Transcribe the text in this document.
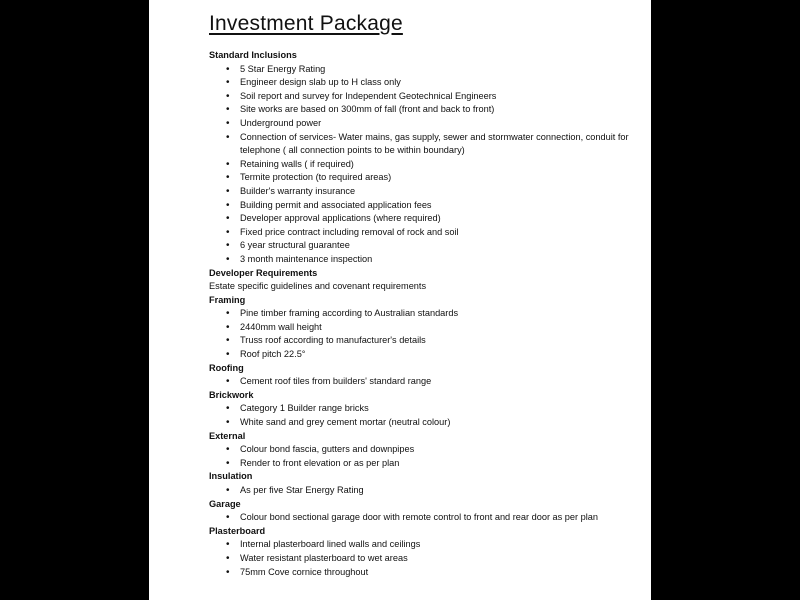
Investment Package
Standard Inclusions
• 5 Star Energy Rating
• Engineer design slab up to H class only
• Soil report and survey for Independent Geotechnical Engineers
• Site works are based on 300mm of fall (front and back to front)
• Underground power
• Connection of services- Water mains, gas supply, sewer and stormwater connection, conduit for telephone ( all connection points to be within boundary)
• Retaining walls ( if required)
• Termite protection (to required areas)
• Builder's warranty insurance
• Building permit and associated application fees
• Developer approval applications (where required)
• Fixed price contract including removal of rock and soil
• 6 year structural guarantee
• 3 month maintenance inspection
Developer Requirements
Estate specific guidelines and covenant requirements
Framing
• Pine timber framing according to Australian standards
• 2440mm wall height
• Truss roof according to manufacturer's details
• Roof pitch 22.5°
Roofing
• Cement roof tiles from builders' standard range
Brickwork
• Category 1 Builder range bricks
• White sand and grey cement mortar (neutral colour)
External
• Colour bond fascia, gutters and downpipes
• Render to front elevation or as per plan
Insulation
• As per five Star Energy Rating
Garage
• Colour bond sectional garage door with remote control to front and rear door as per plan
Plasterboard
• Internal plasterboard lined walls and ceilings
• Water resistant plasterboard to wet areas
• 75mm Cove cornice throughout
